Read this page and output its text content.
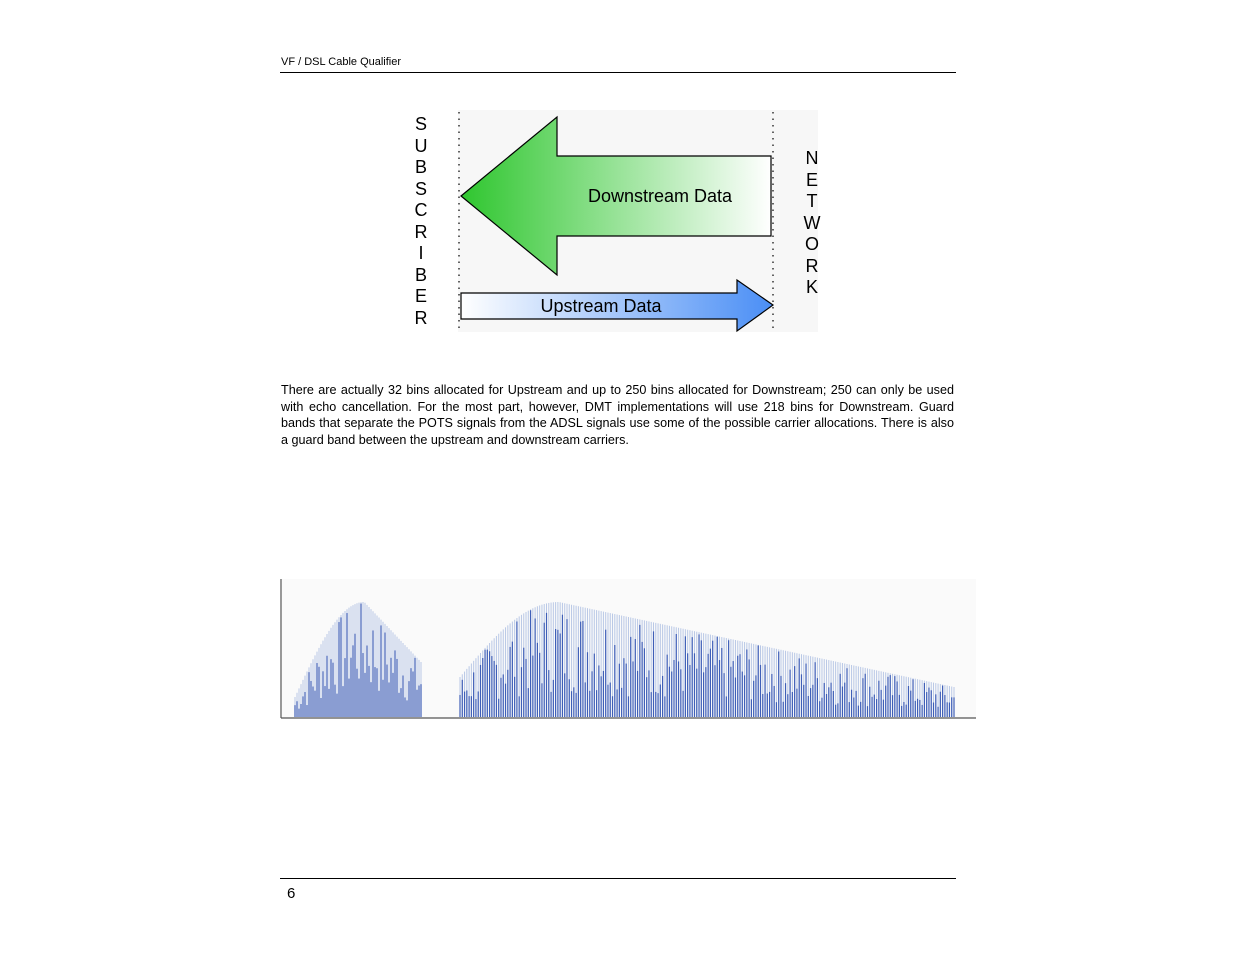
VF / DSL Cable Qualifier
Downstream Data
Upstream Data
S
U
B
S
C
R
I
B
E
R
N
E
T
W
O
R
K
There are actually 32 bins allocated for Upstream and up to 250 bins allocated for Downstream; 250 can only be used with echo cancellation. For the most part, however, DMT implementations will use 218 bins for Downstream. Guard bands that separate the POTS signals from the ADSL signals use some of the possible carrier allocations. There is also a guard band between the upstream and downstream carriers.
6
